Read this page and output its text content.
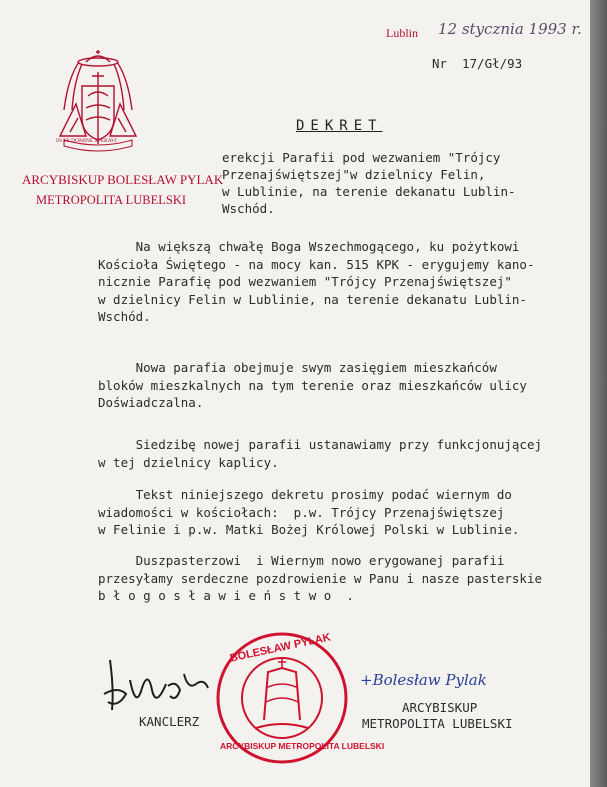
Lublin 12 stycznia 1993 r.
Nr 17/Gł/93
IN TE DOMINE SPERAVI
ARCYBISKUP BOLESŁAW PYLAK
METROPOLITA LUBELSKI
DEKRET
erekcji Parafii pod wezwaniem "Trójcy
Przenajświętszej"w dzielnicy Felin,
w Lublinie, na terenie dekanatu Lublin-
Wschód.
Na większą chwałę Boga Wszechmogącego, ku pożytkowi
Kościoła Świętego - na mocy kan. 515 KPK - erygujemy kano-
nicznie Parafię pod wezwaniem "Trójcy Przenajświętszej"
w dzielnicy Felin w Lublinie, na terenie dekanatu Lublin-
Wschód.
Nowa parafia obejmuje swym zasięgiem mieszkańców
bloków mieszkalnych na tym terenie oraz mieszkańców ulicy
Doświadczalna.
Siedzibę nowej parafii ustanawiamy przy funkcjonującej
w tej dzielnicy kaplicy.
Tekst niniejszego dekretu prosimy podać wiernym do
wiadomości w kościołach:  p.w. Trójcy Przenajświętszej
w Felinie i p.w. Matki Bożej Królowej Polski w Lublinie.
Duszpasterzowi  i Wiernym nowo erygowanej parafii
przesyłamy serdeczne pozdrowienie w Panu i nasze pasterskie
b ł o g o s ł a w i e ń s t w o  .
KANCLERZ
BOLESŁAW PYLAK
ARCYBISKUP METROPOLITA LUBELSKI
+Bolesław Pylak
ARCYBISKUP
METROPOLITA LUBELSKI
